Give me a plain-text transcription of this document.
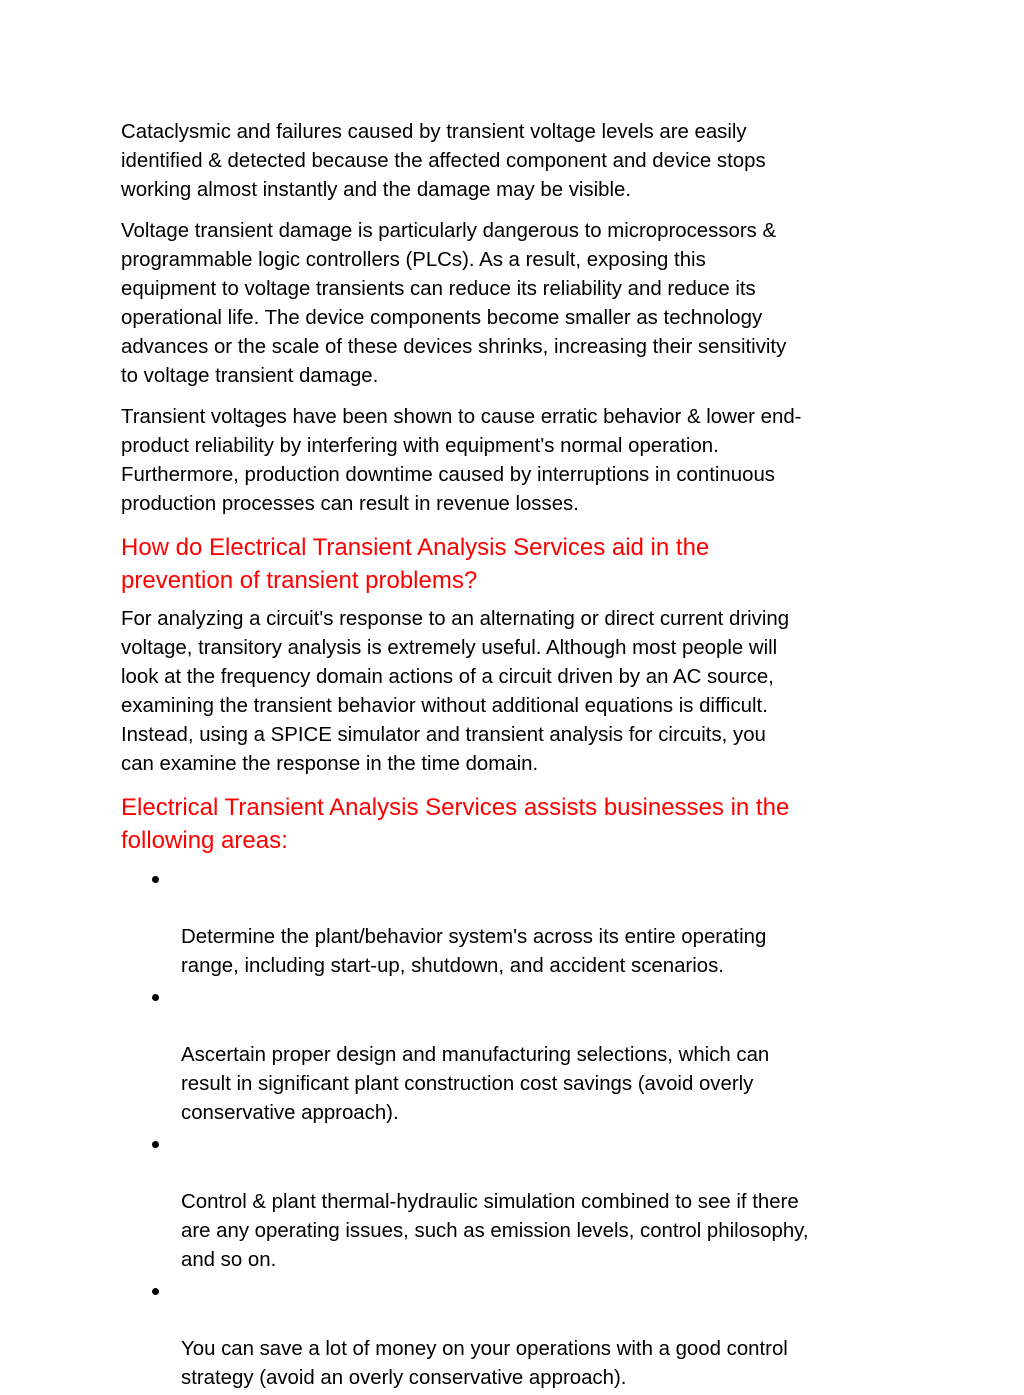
Cataclysmic and failures caused by transient voltage levels are easily
identified & detected because the affected component and device stops
working almost instantly and the damage may be visible.

Voltage transient damage is particularly dangerous to microprocessors &
programmable logic controllers (PLCs). As a result, exposing this
equipment to voltage transients can reduce its reliability and reduce its
operational life. The device components become smaller as technology
advances or the scale of these devices shrinks, increasing their sensitivity
to voltage transient damage.

Transient voltages have been shown to cause erratic behavior & lower end-
product reliability by interfering with equipment's normal operation.
Furthermore, production downtime caused by interruptions in continuous
production processes can result in revenue losses.

How do Electrical Transient Analysis Services aid in the
prevention of transient problems?

For analyzing a circuit's response to an alternating or direct current driving
voltage, transitory analysis is extremely useful. Although most people will
look at the frequency domain actions of a circuit driven by an AC source,
examining the transient behavior without additional equations is difficult.
Instead, using a SPICE simulator and transient analysis for circuits, you
can examine the response in the time domain.

Electrical Transient Analysis Services assists businesses in the
following areas:

Determine the plant/behavior system's across its entire operating
range, including start-up, shutdown, and accident scenarios.

Ascertain proper design and manufacturing selections, which can
result in significant plant construction cost savings (avoid overly
conservative approach).

Control & plant thermal-hydraulic simulation combined to see if there
are any operating issues, such as emission levels, control philosophy,
and so on.

You can save a lot of money on your operations with a good control
strategy (avoid an overly conservative approach).
